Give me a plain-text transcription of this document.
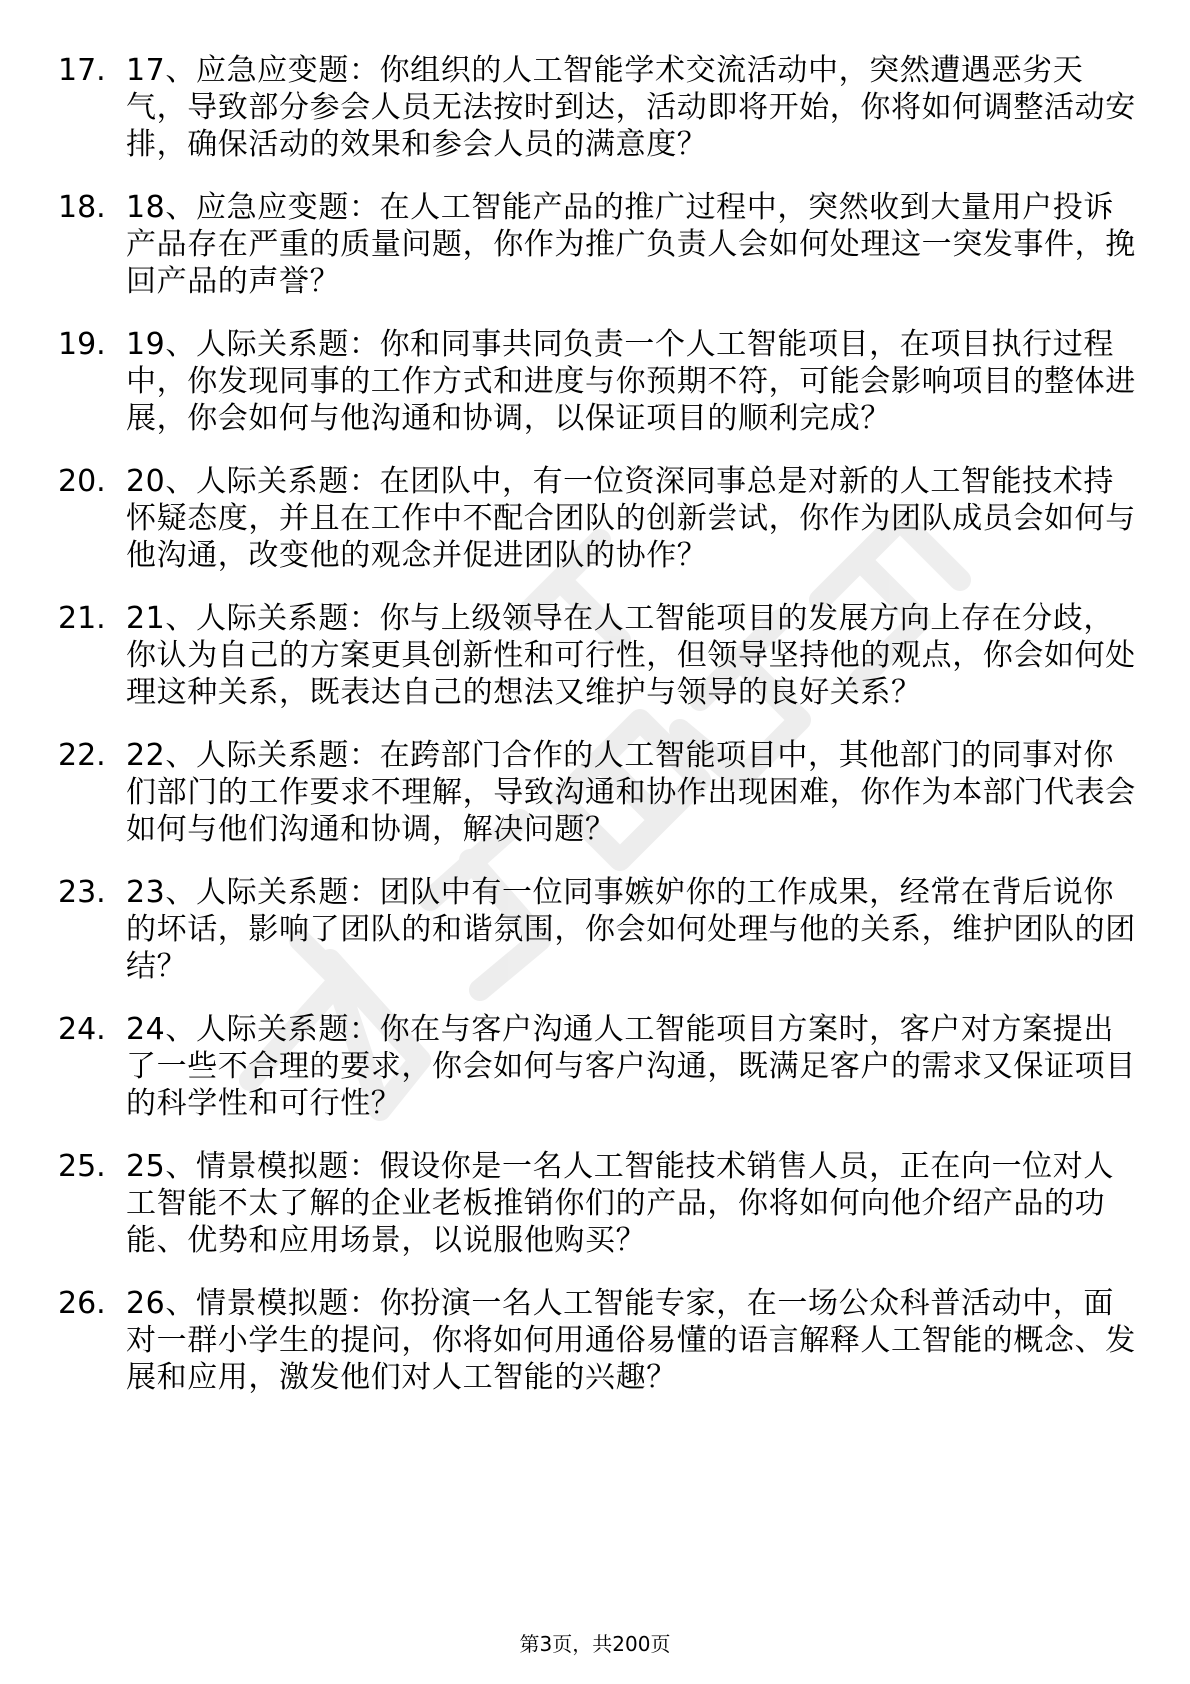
17. 17、应急应变题：你组织的人工智能学术交流活动中，突然遭遇恶劣天气，导致部分参会人员无法按时到达，活动即将开始，你将如何调整活动安排，确保活动的效果和参会人员的满意度？
18. 18、应急应变题：在人工智能产品的推广过程中，突然收到大量用户投诉产品存在严重的质量问题，你作为推广负责人会如何处理这一突发事件，挽回产品的声誉？
19. 19、人际关系题：你和同事共同负责一个人工智能项目，在项目执行过程中，你发现同事的工作方式和进度与你预期不符，可能会影响项目的整体进展，你会如何与他沟通和协调，以保证项目的顺利完成？
20. 20、人际关系题：在团队中，有一位资深同事总是对新的人工智能技术持怀疑态度，并且在工作中不配合团队的创新尝试，你作为团队成员会如何与他沟通，改变他的观念并促进团队的协作？
21. 21、人际关系题：你与上级领导在人工智能项目的发展方向上存在分歧，你认为自己的方案更具创新性和可行性，但领导坚持他的观点，你会如何处理这种关系，既表达自己的想法又维护与领导的良好关系？
22. 22、人际关系题：在跨部门合作的人工智能项目中，其他部门的同事对你们部门的工作要求不理解，导致沟通和协作出现困难，你作为本部门代表会如何与他们沟通和协调，解决问题？
23. 23、人际关系题：团队中有一位同事嫉妒你的工作成果，经常在背后说你的坏话，影响了团队的和谐氛围，你会如何处理与他的关系，维护团队的团结？
24. 24、人际关系题：你在与客户沟通人工智能项目方案时，客户对方案提出了一些不合理的要求，你会如何与客户沟通，既满足客户的需求又保证项目的科学性和可行性？
25. 25、情景模拟题：假设你是一名人工智能技术销售人员，正在向一位对人工智能不太了解的企业老板推销你们的产品，你将如何向他介绍产品的功能、优势和应用场景，以说服他购买？
26. 26、情景模拟题：你扮演一名人工智能专家，在一场公众科普活动中，面对一群小学生的提问，你将如何用通俗易懂的语言解释人工智能的概念、发展和应用，激发他们对人工智能的兴趣？
第3页，共200页
